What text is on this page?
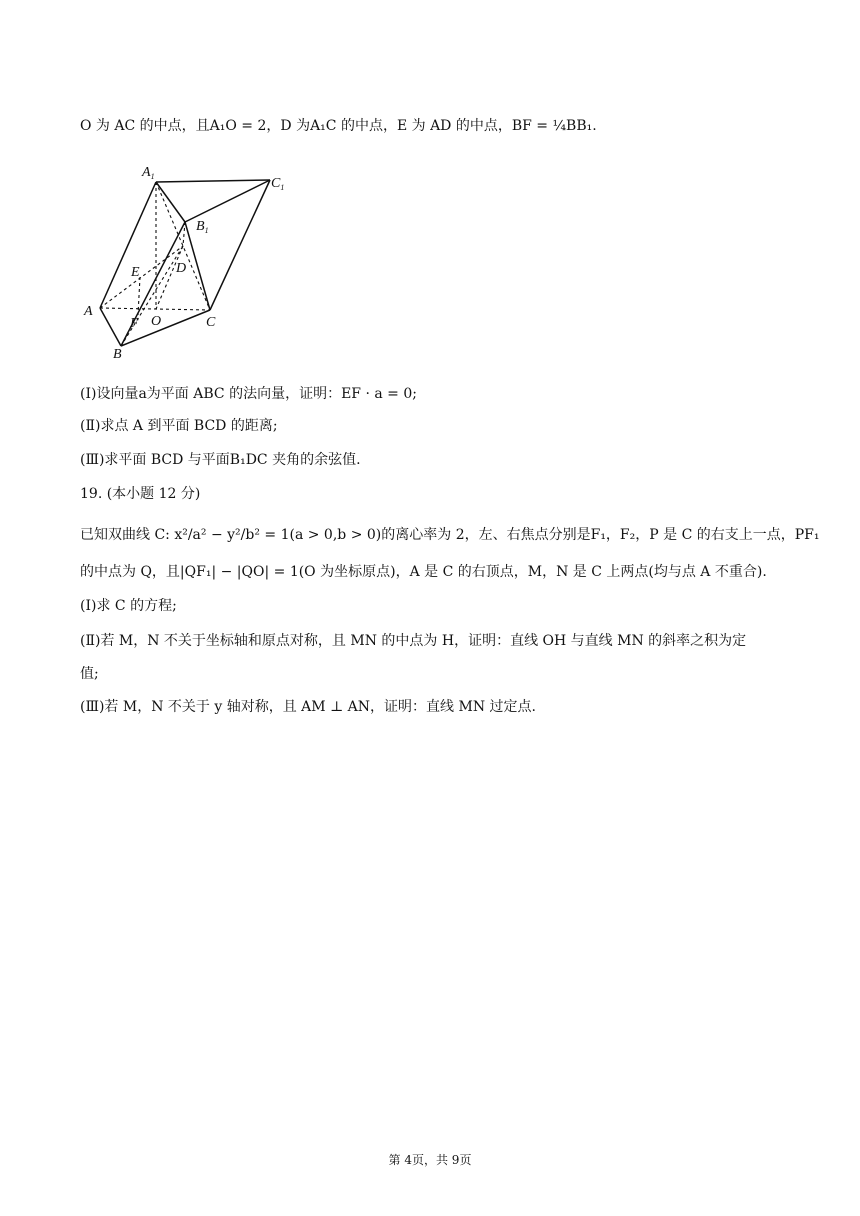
O 为 AC 的中点，且A₁O = 2，D 为A₁C 的中点，E 为 AD 的中点，BF = ¼BB₁.
$A_1$	$C_1$
$B_1$
D
E
A
F O	C
B
(Ⅰ)设向量a为平面 ABC 的法向量，证明：EF · a = 0;
(Ⅱ)求点 A 到平面 BCD 的距离;
(Ⅲ)求平面 BCD 与平面B₁DC 夹角的余弦值.
19. (本小题 12 分)
已知双曲线 C: x²/a² − y²/b² = 1(a > 0,b > 0)的离心率为 2，左、右焦点分别是F₁，F₂，P 是 C 的右支上一点，PF₁
的中点为 Q，且|QF₁| − |QO| = 1(O 为坐标原点)，A 是 C 的右顶点，M，N 是 C 上两点(均与点 A 不重合).
(Ⅰ)求 C 的方程;
(Ⅱ)若 M，N 不关于坐标轴和原点对称，且 MN 的中点为 H，证明：直线 OH 与直线 MN 的斜率之积为定
值;
(Ⅲ)若 M，N 不关于 y 轴对称，且 AM ⊥ AN，证明：直线 MN 过定点.
第 4页，共 9页
